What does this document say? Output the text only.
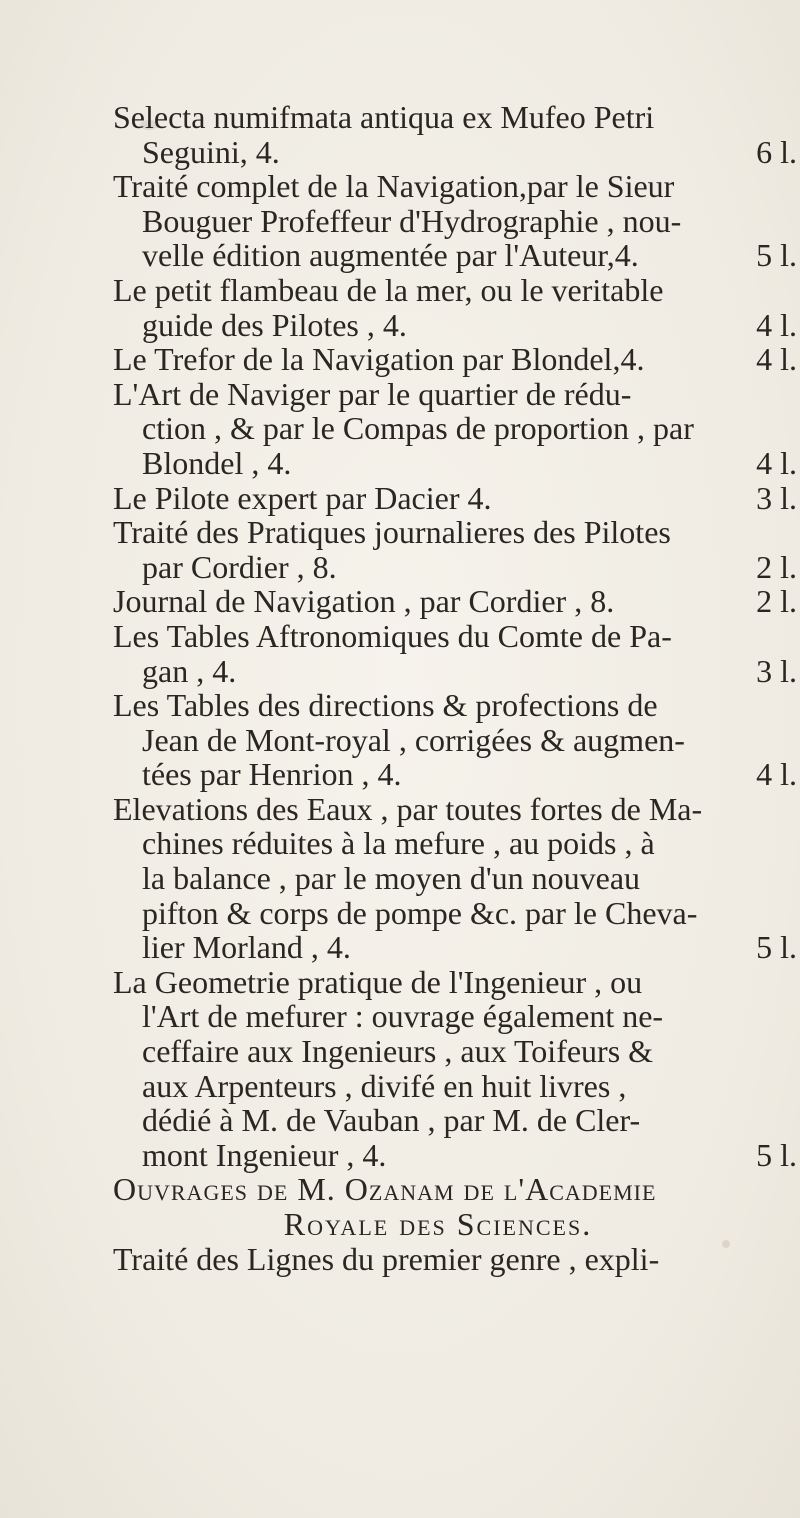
Selecta numifmata antiqua ex Mufeo Petri
Seguini, 4.	6 l.
Traité complet de la Navigation,par le Sieur
Bouguer Profeffeur d'Hydrographie , nou-
velle édition augmentée par l'Auteur,4.	5 l.
Le petit flambeau de la mer, ou le veritable
guide des Pilotes , 4.	4 l.
Le Trefor de la Navigation par Blondel,4.	4 l.
L'Art de Naviger par le quartier de rédu-
ction , & par le Compas de proportion , par
Blondel , 4.	4 l.
Le Pilote expert par Dacier 4.	3 l.
Traité des Pratiques journalieres des Pilotes
par Cordier , 8.	2 l.
Journal de Navigation , par Cordier , 8.	2 l.
Les Tables Aftronomiques du Comte de Pa-
gan , 4.	3 l.
Les Tables des directions & profections de
Jean de Mont-royal , corrigées & augmen-
tées par Henrion , 4.	4 l.
Elevations des Eaux , par toutes fortes de Ma-
chines réduites à la mefure , au poids , à
la balance , par le moyen d'un nouveau
pifton & corps de pompe &c. par le Cheva-
lier Morland , 4.	5 l.
La Geometrie pratique de l'Ingenieur , ou
l'Art de mefurer : ouvrage également ne-
ceffaire aux Ingenieurs , aux Toifeurs &
aux Arpenteurs , divifé en huit livres ,
dédié à M. de Vauban , par M. de Cler-
mont Ingenieur , 4.	5 l.
Ouvrages de M. Ozanam de l'Academie
Royale des Sciences.
Traité des Lignes du premier genre , expli-
